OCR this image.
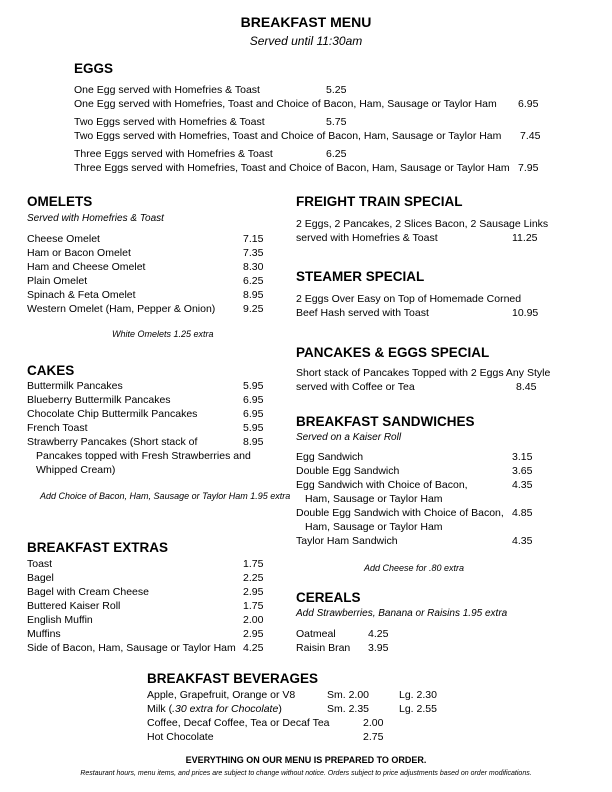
BREAKFAST MENU
Served until 11:30am
EGGS
One Egg served with Homefries & Toast	5.25
One Egg served with Homefries, Toast and Choice of Bacon, Ham, Sausage or Taylor Ham 6.95
Two Eggs served with Homefries & Toast	5.75
Two Eggs served with Homefries, Toast and Choice of Bacon, Ham, Sausage or Taylor Ham 7.45
Three Eggs served with Homefries & Toast	6.25
Three Eggs served with Homefries, Toast and Choice of Bacon, Ham, Sausage or Taylor Ham 7.95
OMELETS
Served with Homefries & Toast
Cheese Omelet	7.15
Ham or Bacon Omelet	7.35
Ham and Cheese Omelet	8.30
Plain Omelet	6.25
Spinach & Feta Omelet	8.95
Western Omelet (Ham, Pepper & Onion)	9.25
White Omelets 1.25 extra
CAKES
Buttermilk Pancakes	5.95
Blueberry Buttermilk Pancakes	6.95
Chocolate Chip Buttermilk Pancakes	6.95
French Toast	5.95
Strawberry Pancakes (Short stack of	8.95
Pancakes topped with Fresh Strawberries and
Whipped Cream)
Add Choice of Bacon, Ham, Sausage or Taylor Ham 1.95 extra
BREAKFAST EXTRAS
Toast	1.75
Bagel	2.25
Bagel with Cream Cheese	2.95
Buttered Kaiser Roll	1.75
English Muffin	2.00
Muffins	2.95
Side of Bacon, Ham, Sausage or Taylor Ham 4.25
FREIGHT TRAIN SPECIAL
2 Eggs, 2 Pancakes, 2 Slices Bacon, 2 Sausage Links
served with Homefries & Toast	11.25
STEAMER SPECIAL
2 Eggs Over Easy on Top of Homemade Corned
Beef Hash served with Toast	10.95
PANCAKES & EGGS SPECIAL
Short stack of Pancakes Topped with 2 Eggs Any Style
served with Coffee or Tea	8.45
BREAKFAST SANDWICHES
Served on a Kaiser Roll
Egg Sandwich	3.15
Double Egg Sandwich	3.65
Egg Sandwich with Choice of Bacon,	4.35
Ham, Sausage or Taylor Ham
Double Egg Sandwich with Choice of Bacon, 4.85
Ham, Sausage or Taylor Ham
Taylor Ham Sandwich	4.35
Add Cheese for .80 extra
CEREALS
Add Strawberries, Banana or Raisins 1.95 extra
Oatmeal	4.25
Raisin Bran 3.95
BREAKFAST BEVERAGES
Apple, Grapefruit, Orange or V8	Sm. 2.00	Lg. 2.30
Milk (.30 extra for Chocolate)	Sm. 2.35	Lg. 2.55
Coffee, Decaf Coffee, Tea or Decaf Tea	2.00
Hot Chocolate	2.75
EVERYTHING ON OUR MENU IS PREPARED TO ORDER.
Restaurant hours, menu items, and prices are subject to change without notice. Orders subject to price adjustments based on order modifications.
